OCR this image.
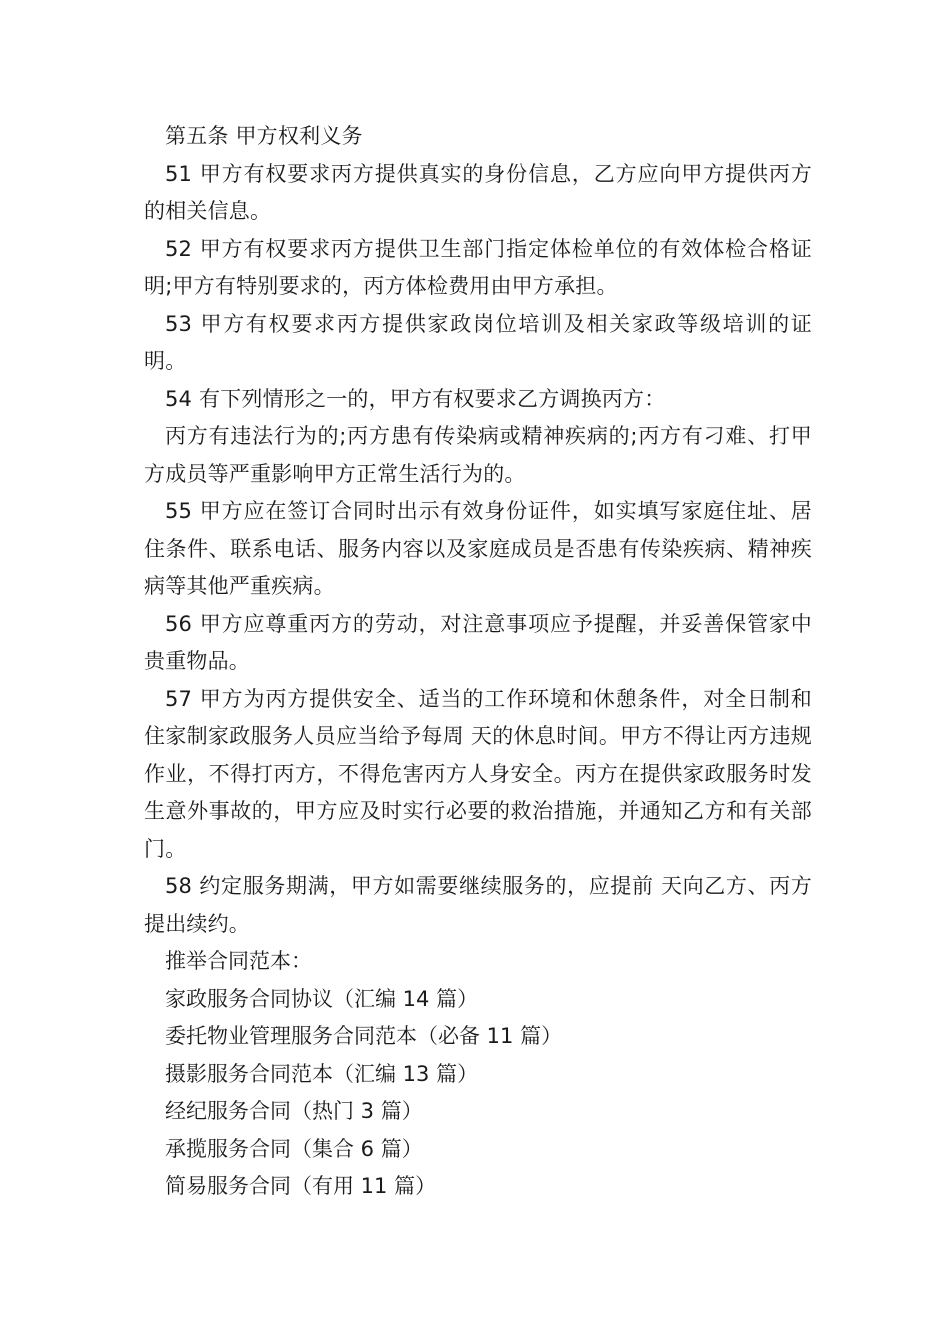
第五条 甲方权利义务

51 甲方有权要求丙方提供真实的身份信息，乙方应向甲方提供丙方的相关信息。

52 甲方有权要求丙方提供卫生部门指定体检单位的有效体检合格证明;甲方有特别要求的，丙方体检费用由甲方承担。

53 甲方有权要求丙方提供家政岗位培训及相关家政等级培训的证明。

54 有下列情形之一的，甲方有权要求乙方调换丙方：

丙方有违法行为的;丙方患有传染病或精神疾病的;丙方有刁难、打甲方成员等严重影响甲方正常生活行为的。

55 甲方应在签订合同时出示有效身份证件，如实填写家庭住址、居住条件、联系电话、服务内容以及家庭成员是否患有传染疾病、精神疾病等其他严重疾病。

56 甲方应尊重丙方的劳动，对注意事项应予提醒，并妥善保管家中贵重物品。

57 甲方为丙方提供安全、适当的工作环境和休憩条件，对全日制和住家制家政服务人员应当给予每周 天的休息时间。甲方不得让丙方违规作业，不得打丙方，不得危害丙方人身安全。丙方在提供家政服务时发生意外事故的，甲方应及时实行必要的救治措施，并通知乙方和有关部门。

58 约定服务期满，甲方如需要继续服务的，应提前 天向乙方、丙方提出续约。

推举合同范本：

家政服务合同协议（汇编 14 篇）

委托物业管理服务合同范本（必备 11 篇）

摄影服务合同范本（汇编 13 篇）

经纪服务合同（热门 3 篇）

承揽服务合同（集合 6 篇）

简易服务合同（有用 11 篇）
